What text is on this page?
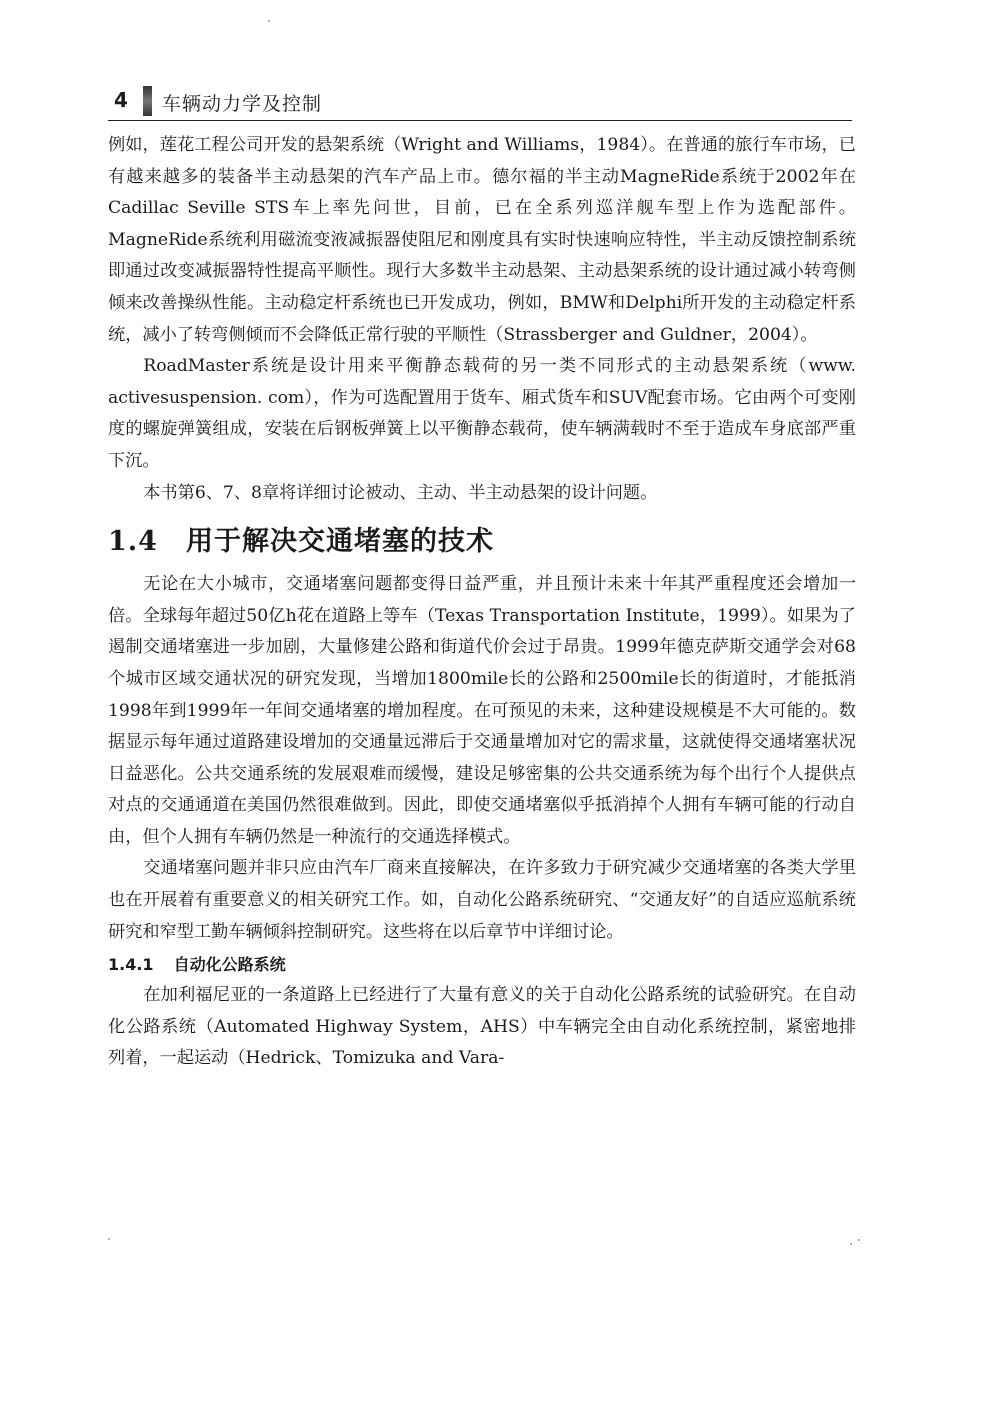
4 车辆动力学及控制

例如，莲花工程公司开发的悬架系统（Wright and Williams，1984）。在普通的旅行车市场，已有越来越多的装备半主动悬架的汽车产品上市。德尔福的半主动MagneRide系统于2002年在Cadillac Seville STS车上率先问世，目前，已在全系列巡洋舰车型上作为选配部件。MagneRide系统利用磁流变液减振器使阻尼和刚度具有实时快速响应特性，半主动反馈控制系统即通过改变减振器特性提高平顺性。现行大多数半主动悬架、主动悬架系统的设计通过减小转弯侧倾来改善操纵性能。主动稳定杆系统也已开发成功，例如，BMW和Delphi所开发的主动稳定杆系统，减小了转弯侧倾而不会降低正常行驶的平顺性（Strassberger and Guldner，2004）。

RoadMaster系统是设计用来平衡静态载荷的另一类不同形式的主动悬架系统（www. activesuspension. com），作为可选配置用于货车、厢式货车和SUV配套市场。它由两个可变刚度的螺旋弹簧组成，安装在后钢板弹簧上以平衡静态载荷，使车辆满载时不至于造成车身底部严重下沉。

本书第6、7、8章将详细讨论被动、主动、半主动悬架的设计问题。

1.4 用于解决交通堵塞的技术

无论在大小城市，交通堵塞问题都变得日益严重，并且预计未来十年其严重程度还会增加一倍。全球每年超过50亿h花在道路上等车（Texas Transportation Institute，1999）。如果为了遏制交通堵塞进一步加剧，大量修建公路和街道代价会过于昂贵。1999年德克萨斯交通学会对68个城市区域交通状况的研究发现，当增加1800mile长的公路和2500mile长的街道时，才能抵消1998年到1999年一年间交通堵塞的增加程度。在可预见的未来，这种建设规模是不大可能的。数据显示每年通过道路建设增加的交通量远滞后于交通量增加对它的需求量，这就使得交通堵塞状况日益恶化。公共交通系统的发展艰难而缓慢，建设足够密集的公共交通系统为每个出行个人提供点对点的交通通道在美国仍然很难做到。因此，即使交通堵塞似乎抵消掉个人拥有车辆可能的行动自由，但个人拥有车辆仍然是一种流行的交通选择模式。

交通堵塞问题并非只应由汽车厂商来直接解决，在许多致力于研究减少交通堵塞的各类大学里也在开展着有重要意义的相关研究工作。如，自动化公路系统研究、“交通友好”的自适应巡航系统研究和窄型工勤车辆倾斜控制研究。这些将在以后章节中详细讨论。

1.4.1 自动化公路系统

在加利福尼亚的一条道路上已经进行了大量有意义的关于自动化公路系统的试验研究。在自动化公路系统（Automated Highway System，AHS）中车辆完全由自动化系统控制，紧密地排列着，一起运动（Hedrick、Tomizuka and Vara-
